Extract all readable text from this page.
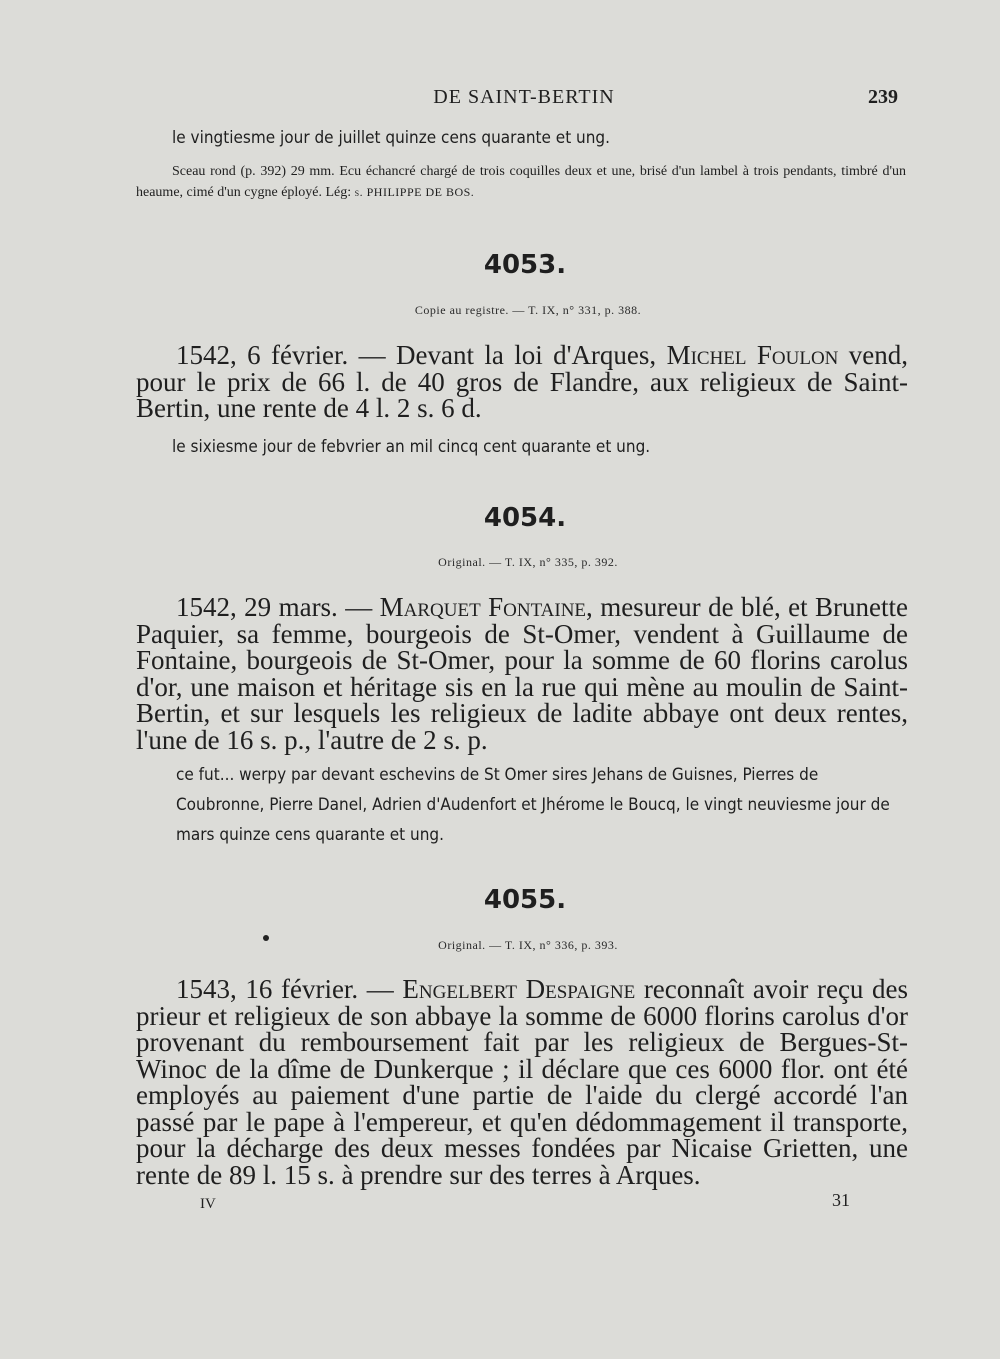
DE SAINT-BERTIN	239
le vingtiesme jour de juillet quinze cens quarante et ung.
Sceau rond (p. 392) 29 mm. Ecu échancré chargé de trois coquilles deux et une, brisé d'un lambel à trois pendants, timbré d'un heaume, cimé d'un cygne éployé. Lég: s. PHILIPPE DE BOS.
4053.
Copie au registre. — T. IX, n° 331, p. 388.

1542, 6 février. — Devant la loi d'Arques, Michel Foulon vend, pour le prix de 66 l. de 40 gros de Flandre, aux religieux de Saint-Bertin, une rente de 4 l. 2 s. 6 d.

le sixiesme jour de febvrier an mil cincq cent quarante et ung.
4054.
Original. — T. IX, n° 335, p. 392.

1542, 29 mars. — Marquet Fontaine, mesureur de blé, et Brunette Paquier, sa femme, bourgeois de St-Omer, vendent à Guillaume de Fontaine, bourgeois de St-Omer, pour la somme de 60 florins carolus d'or, une maison et héritage sis en la rue qui mène au moulin de Saint-Bertin, et sur lesquels les religieux de ladite abbaye ont deux rentes, l'une de 16 s. p., l'autre de 2 s. p.

ce fut... werpy par devant eschevins de St Omer sires Jehans de Guisnes, Pierres de Coubronne, Pierre Danel, Adrien d'Audenfort et Jhérome le Boucq, le vingt neuviesme jour de mars quinze cens quarante et ung.
4055.
Original. — T. IX, n° 336, p. 393.

1543, 16 février. — Engelbert Despaigne reconnaît avoir reçu des prieur et religieux de son abbaye la somme de 6000 florins carolus d'or provenant du remboursement fait par les religieux de Bergues-St-Winoc de la dîme de Dunkerque ; il déclare que ces 6000 flor. ont été employés au paiement d'une partie de l'aide du clergé accordé l'an passé par le pape à l'empereur, et qu'en dédommagement il transporte, pour la décharge des deux messes fondées par Nicaise Grietten, une rente de 89 l. 15 s. à prendre sur des terres à Arques.

IV	31
